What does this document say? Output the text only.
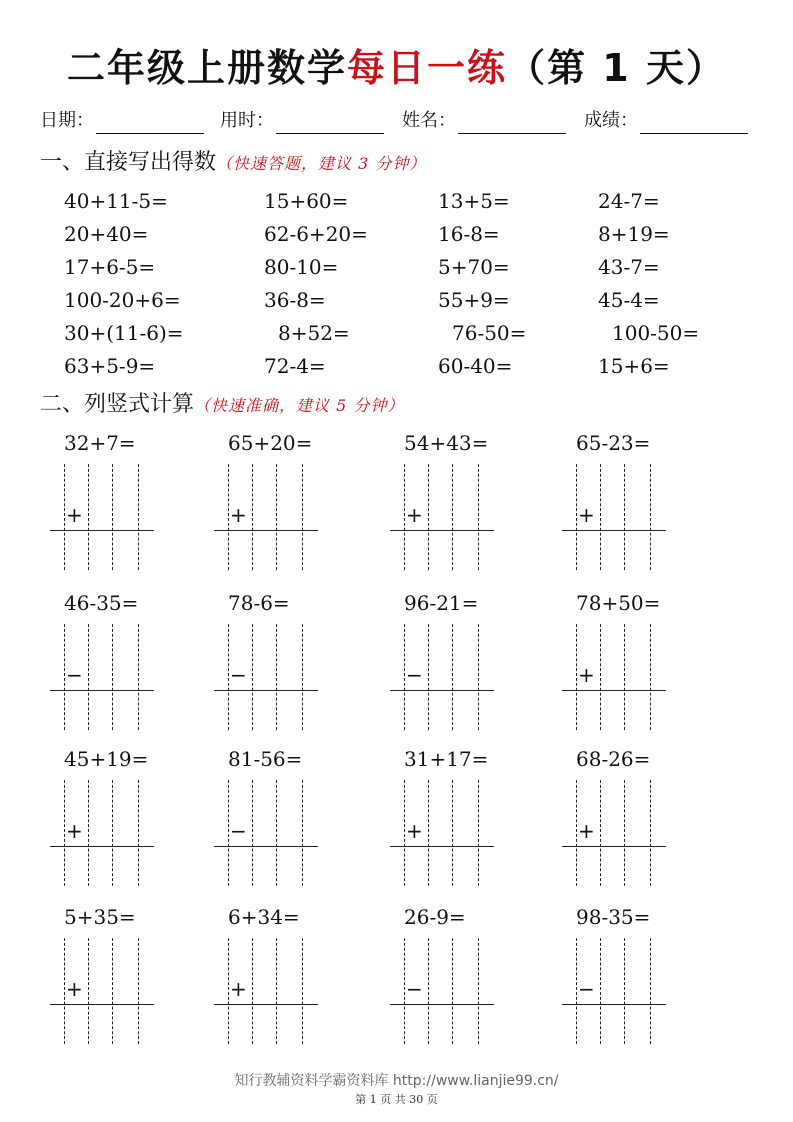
二年级上册数学每日一练（第 1 天）
日期：	用时：	姓名：	成绩：
一、直接写出得数（快速答题，建议 3 分钟）
40+11-5=	15+60=	13+5=	24-7=
20+40=	62-6+20=	16-8=	8+19=
17+6-5=	80-10=	5+70=	43-7=
100-20+6=	36-8=	55+9=	45-4=
30+(11-6)=	8+52=	76-50=	100-50=
63+5-9=	72-4=	60-40=	15+6=
二、列竖式计算（快速准确，建议 5 分钟）
32+7=
+
65+20=
+
54+43=
+
65-23=
+
46-35=
−
78-6=
−
96-21=
−
78+50=
+
45+19=
+
81-56=
−
31+17=
+
68-26=
+
5+35=
+
6+34=
+
26-9=
−
98-35=
−
知行教辅资料学霸资料库 http://www.lianjie99.cn/
第 1 页 共 30 页
